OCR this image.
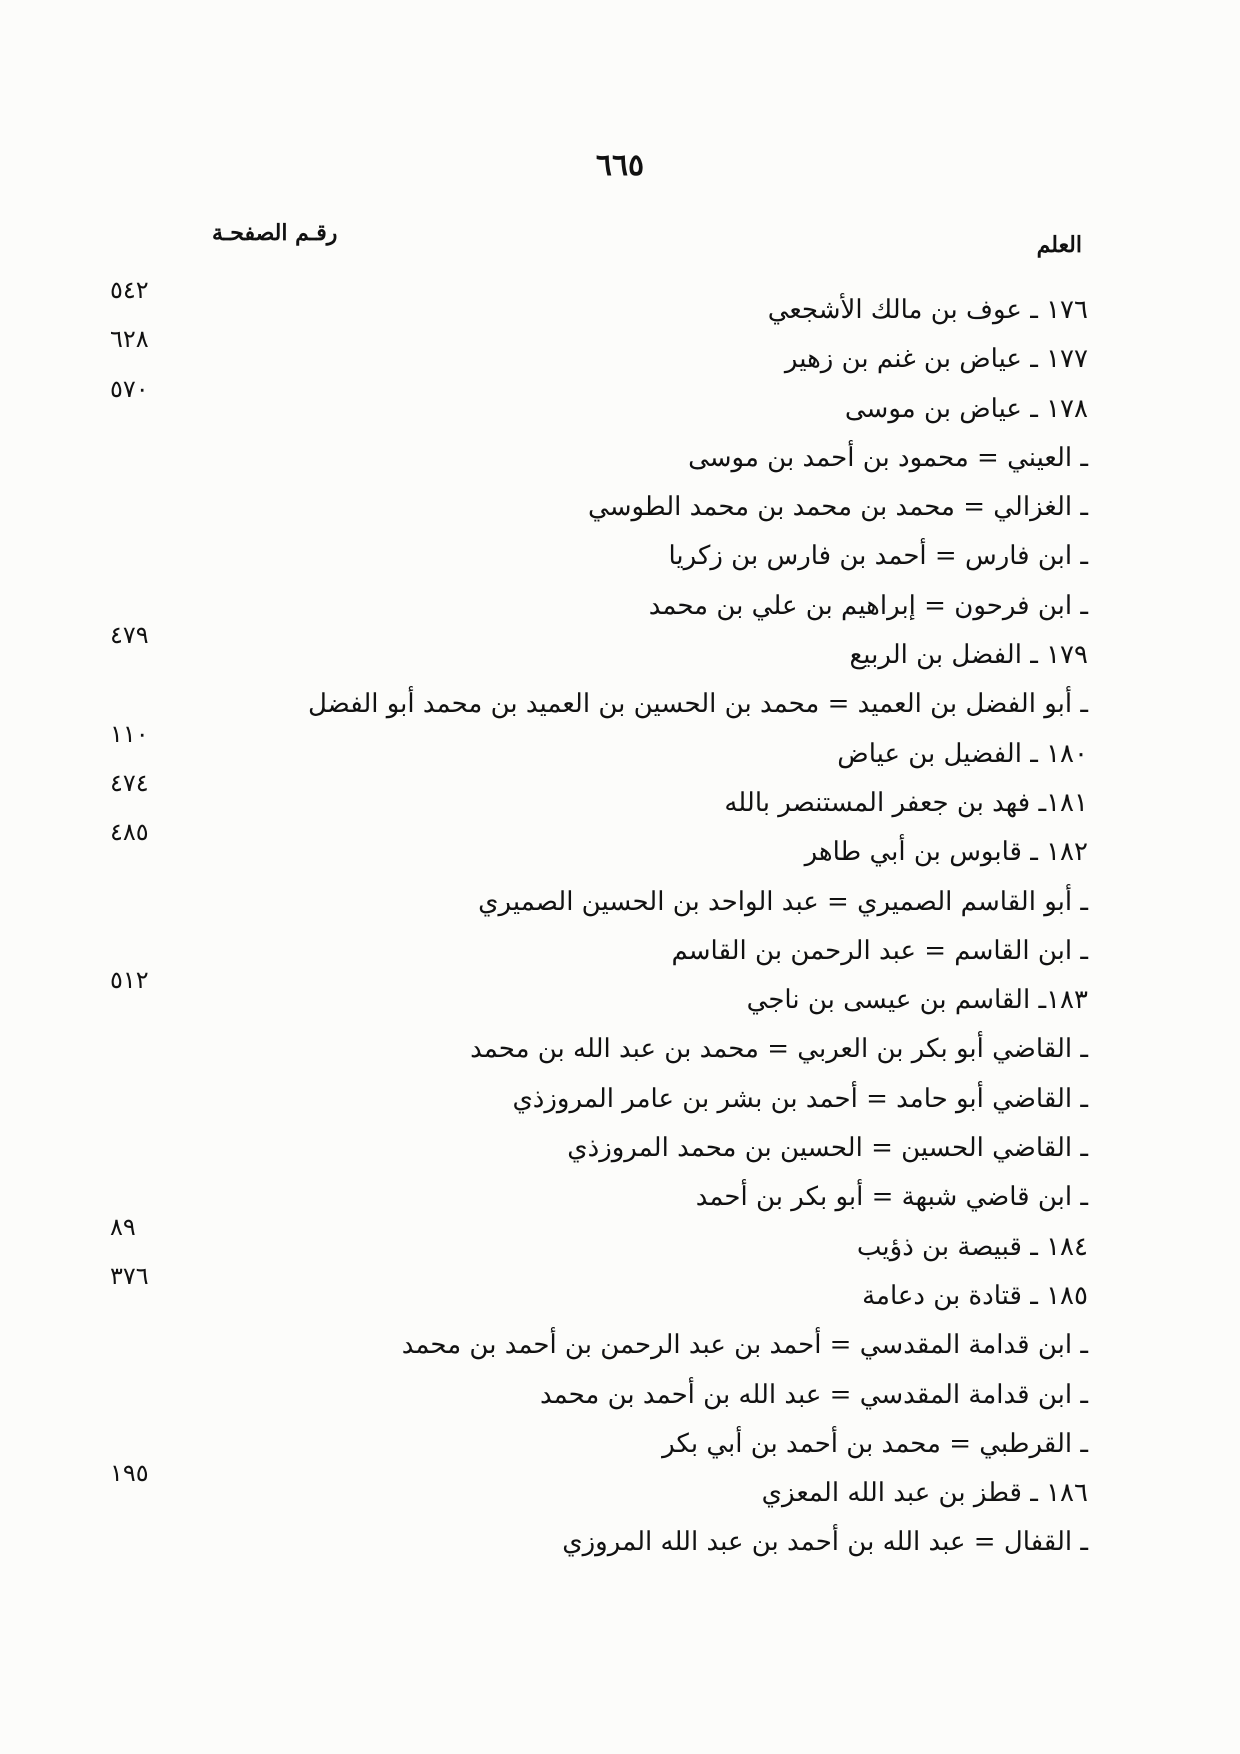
٦٦٥
العلم
رقـم الصفحـة
١٧٦ ـ عوف بن مالك الأشجعي
٥٤٢
١٧٧ ـ عياض بن غنم بن زهير
٦٢٨
١٧٨ ـ عياض بن موسى
٥٧٠
ـ العيني = محمود بن أحمد بن موسى
ـ الغزالي = محمد بن محمد بن محمد الطوسي
ـ ابن فارس = أحمد بن فارس بن زكريا
ـ ابن فرحون = إبراهيم بن علي بن محمد
١٧٩ ـ الفضل بن الربيع
٤٧٩
ـ أبو الفضل بن العميد = محمد بن الحسين بن العميد بن محمد أبو الفضل
١٨٠ ـ الفضيل بن عياض
١١٠
١٨١ـ فهد بن جعفر المستنصر بالله
٤٧٤
١٨٢ ـ قابوس بن أبي طاهر
٤٨٥
ـ أبو القاسم الصميري = عبد الواحد بن الحسين الصميري
ـ ابن القاسم = عبد الرحمن بن القاسم
١٨٣ـ القاسم بن عيسى بن ناجي
٥١٢
ـ القاضي أبو بكر بن العربي = محمد بن عبد الله بن محمد
ـ القاضي أبو حامد = أحمد بن بشر بن عامر المروزذي
ـ القاضي الحسين = الحسين بن محمد المروزذي
ـ ابن قاضي شبهة = أبو بكر بن أحمد
١٨٤ ـ قبيصة بن ذؤيب
٨٩
١٨٥ ـ قتادة بن دعامة
٣٧٦
ـ ابن قدامة المقدسي = أحمد بن عبد الرحمن بن أحمد بن محمد
ـ ابن قدامة المقدسي = عبد الله بن أحمد بن محمد
ـ القرطبي = محمد بن أحمد بن أبي بكر
١٨٦ ـ قطز بن عبد الله المعزي
١٩٥
ـ القفال = عبد الله بن أحمد بن عبد الله المروزي
